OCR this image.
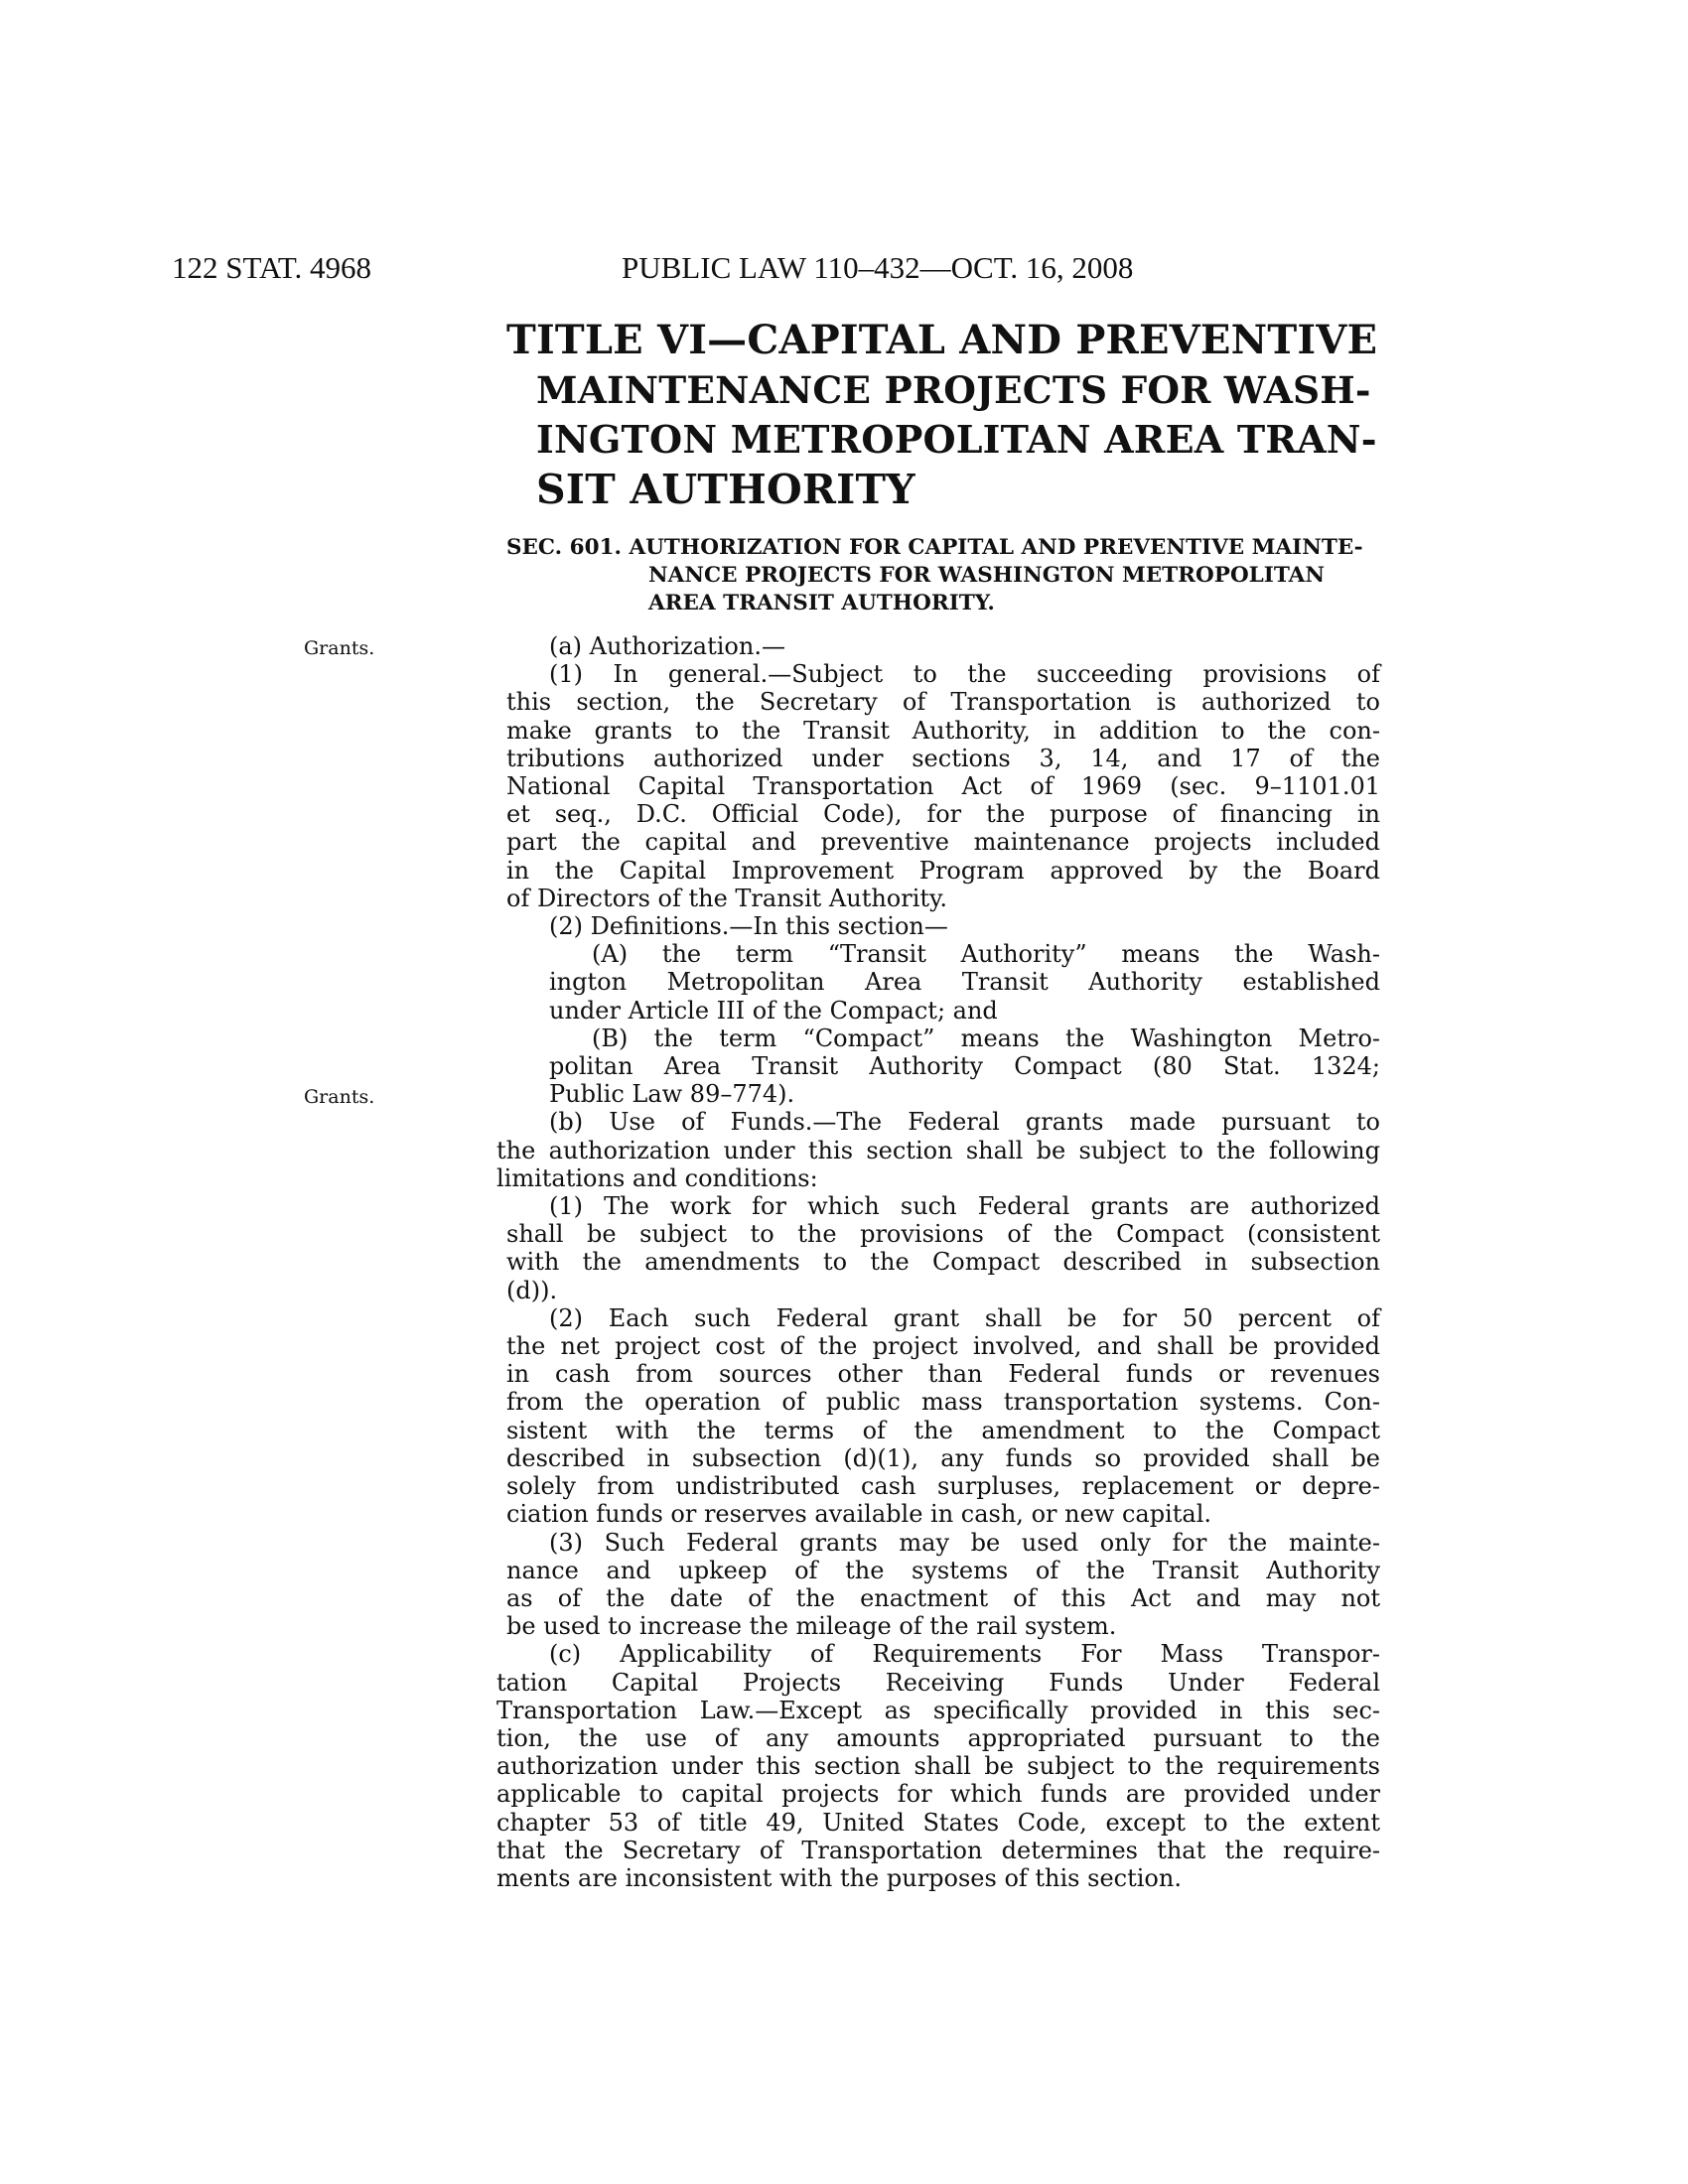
122 STAT. 4968	PUBLIC LAW 110–432—OCT. 16, 2008
TITLE VI—CAPITAL AND PREVENTIVE
MAINTENANCE PROJECTS FOR WASH-
INGTON METROPOLITAN AREA TRAN-
SIT AUTHORITY
SEC. 601. AUTHORIZATION FOR CAPITAL AND PREVENTIVE MAINTE-
NANCE PROJECTS FOR WASHINGTON METROPOLITAN
AREA TRANSIT AUTHORITY.
Grants.
Grants.
(a) Authorization.—
(1) In general.—Subject to the succeeding provisions of
this section, the Secretary of Transportation is authorized to
make grants to the Transit Authority, in addition to the con-
tributions authorized under sections 3, 14, and 17 of the
National Capital Transportation Act of 1969 (sec. 9–1101.01
et seq., D.C. Official Code), for the purpose of financing in
part the capital and preventive maintenance projects included
in the Capital Improvement Program approved by the Board
of Directors of the Transit Authority.
(2) Definitions.—In this section—
(A) the term “Transit Authority” means the Wash-
ington Metropolitan Area Transit Authority established
under Article III of the Compact; and
(B) the term “Compact” means the Washington Metro-
politan Area Transit Authority Compact (80 Stat. 1324;
Public Law 89–774).
(b) Use of Funds.—The Federal grants made pursuant to
the authorization under this section shall be subject to the following
limitations and conditions:
(1) The work for which such Federal grants are authorized
shall be subject to the provisions of the Compact (consistent
with the amendments to the Compact described in subsection
(d)).
(2) Each such Federal grant shall be for 50 percent of
the net project cost of the project involved, and shall be provided
in cash from sources other than Federal funds or revenues
from the operation of public mass transportation systems. Con-
sistent with the terms of the amendment to the Compact
described in subsection (d)(1), any funds so provided shall be
solely from undistributed cash surpluses, replacement or depre-
ciation funds or reserves available in cash, or new capital.
(3) Such Federal grants may be used only for the mainte-
nance and upkeep of the systems of the Transit Authority
as of the date of the enactment of this Act and may not
be used to increase the mileage of the rail system.
(c) Applicability of Requirements For Mass Transpor-
tation Capital Projects Receiving Funds Under Federal
Transportation Law.—Except as specifically provided in this sec-
tion, the use of any amounts appropriated pursuant to the
authorization under this section shall be subject to the requirements
applicable to capital projects for which funds are provided under
chapter 53 of title 49, United States Code, except to the extent
that the Secretary of Transportation determines that the require-
ments are inconsistent with the purposes of this section.
